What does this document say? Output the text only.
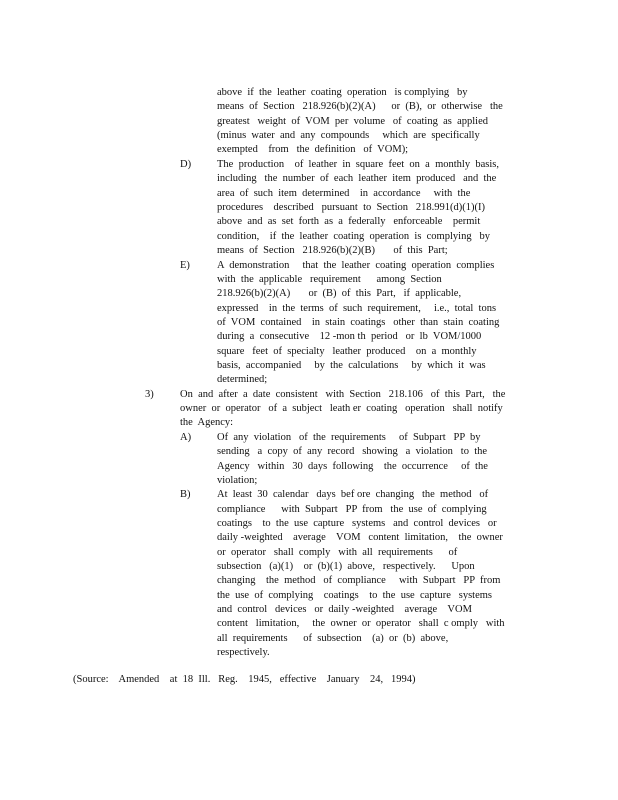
above  if  the  leather  coating  operation   is complying   by

means  of  Section   218.926(b)(2)(A)      or  (B),  or  otherwise   the

greatest   weight  of  VOM  per  volume   of  coating  as  applied

(minus  water  and  any  compounds     which  are  specifically

exempted    from   the  definition   of  VOM);

D) The  production    of  leather  in  square  feet  on  a  monthly  basis,

including   the  number  of  each  leather  item  produced   and  the

area  of  such  item  determined    in  accordance     with  the

procedures    described   pursuant  to  Section   218.991(d)(1)(I)

above  and  as  set  forth  as  a  federally   enforceable    permit

condition,    if  the  leather  coating  operation  is  complying   by

means  of  Section   218.926(b)(2)(B)       of  this  Part;

E)	A  demonstration     that  the  leather  coating  operation  complies

with  the  applicable   requirement      among  Section

218.926(b)(2)(A)       or  (B)  of  this  Part,   if  applicable,

expressed    in  the  terms  of  such  requirement,     i.e.,  total  tons

of  VOM  contained    in  stain  coatings   other  than  stain  coating

during  a  consecutive    12 -mon th  period   or  lb  VOM/1000

square   feet  of  specialty   leather  produced    on  a  monthly

basis,  accompanied     by  the  calculations     by  which  it  was

determined;

3)	On  and  after  a  date  consistent   with  Section   218.106   of  this  Part,   the

owner  or  operator   of  a  subject   leath er  coating   operation   shall  notify

the  Agency:

A) Of  any  violation   of  the  requirements     of  Subpart   PP  by

sending   a  copy  of  any  record   showing   a  violation   to  the

Agency   within   30  days  following    the  occurrence     of  the

violation;

B)	At  least  30  calendar   days  bef ore  changing   the  method   of

compliance      with  Subpart   PP  from   the  use  of  complying

coatings    to  the  use  capture   systems   and  control  devices   or

daily -weighted    average    VOM   content  limitation,    the  owner

or  operator   shall  comply   with  all  requirements      of

subsection   (a)(1)    or  (b)(1)  above,   respectively.      Upon

changing    the  method   of  compliance     with  Subpart   PP  from

the  use  of  complying    coatings    to  the  use  capture   systems

and  control   devices   or  daily -weighted    average    VOM

content   limitation,     the  owner  or  operator   shall  c omply   with

all  requirements      of  subsection    (a)  or  (b)  above,

respectively.

(Source:    Amended    at  18  Ill.   Reg.    1945,   effective    January    24,   1994)
